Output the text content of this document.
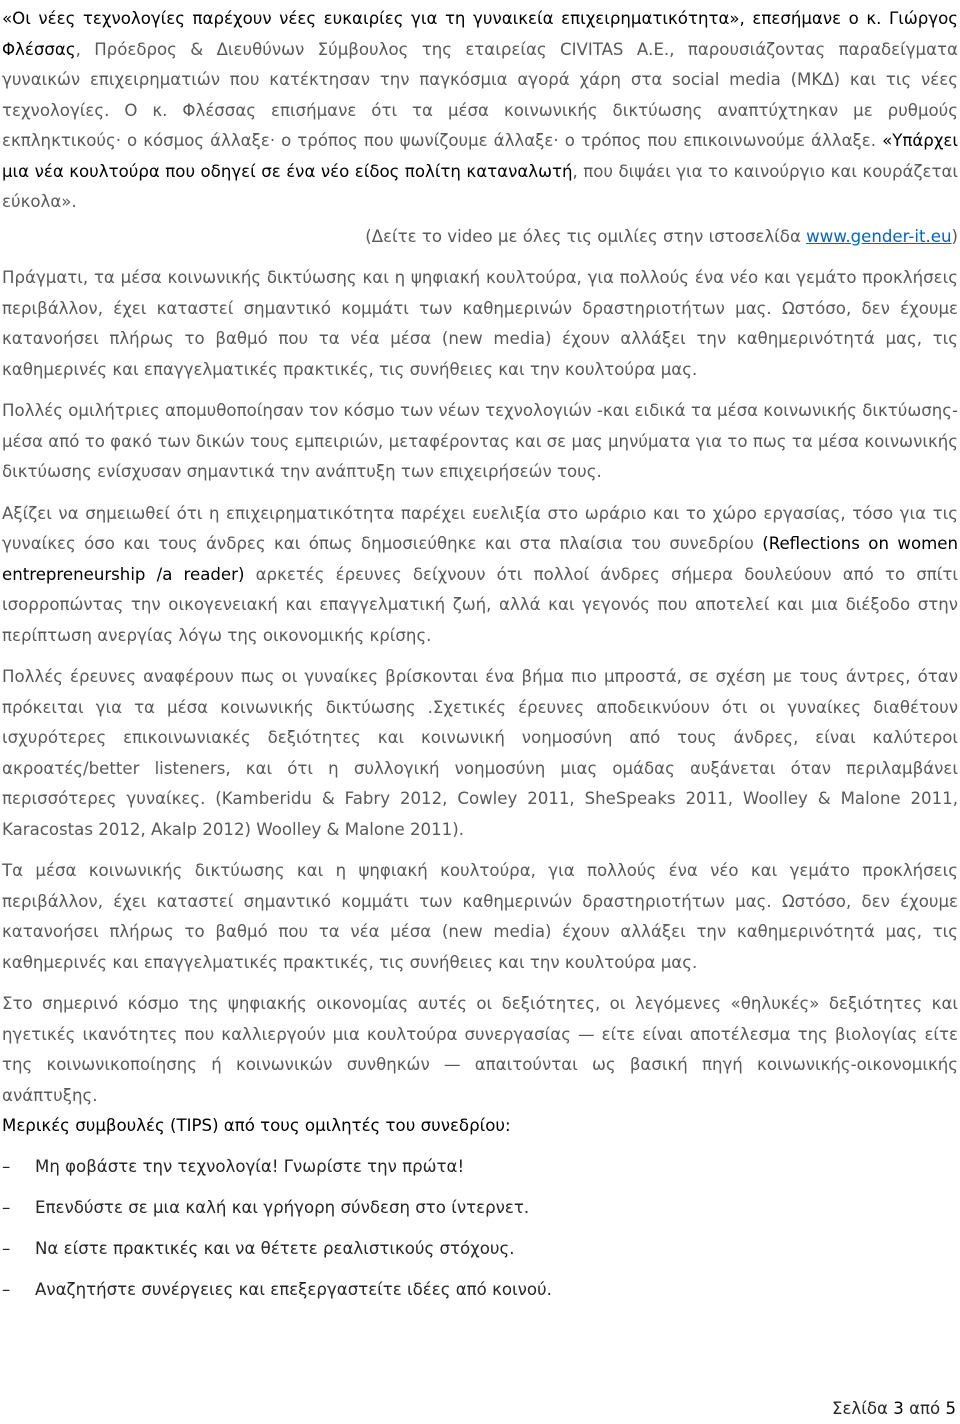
«Οι νέες τεχνολογίες παρέχουν νέες ευκαιρίες για τη γυναικεία επιχειρηματικότητα», επεσήμανε ο κ. Γιώργος Φλέσσας, Πρόεδρος & Διευθύνων Σύμβουλος της εταιρείας CIVITAS Α.Ε., παρουσιάζοντας παραδείγματα γυναικών επιχειρηματιών που κατέκτησαν την παγκόσμια αγορά χάρη στα social media (ΜΚΔ) και τις νέες τεχνολογίες. Ο κ. Φλέσσας επισήμανε ότι τα μέσα κοινωνικής δικτύωσης αναπτύχτηκαν με ρυθμούς εκπληκτικούς· ο κόσμος άλλαξε· ο τρόπος που ψωνίζουμε άλλαξε· ο τρόπος που επικοινωνούμε άλλαξε. «Υπάρχει μια νέα κουλτούρα που οδηγεί σε ένα νέο είδος πολίτη καταναλωτή, που διψάει για το καινούργιο και κουράζεται εύκολα».

(Δείτε το video με όλες τις ομιλίες στην ιστοσελίδα www.gender-it.eu)

Πράγματι, τα μέσα κοινωνικής δικτύωσης και η ψηφιακή κουλτούρα, για πολλούς ένα νέο και γεμάτο προκλήσεις περιβάλλον, έχει καταστεί σημαντικό κομμάτι των καθημερινών δραστηριοτήτων μας. Ωστόσο, δεν έχουμε κατανοήσει πλήρως το βαθμό που τα νέα μέσα (new media) έχουν αλλάξει την καθημερινότητά μας, τις καθημερινές και επαγγελματικές πρακτικές, τις συνήθειες και την κουλτούρα μας.

Πολλές ομιλήτριες απομυθοποίησαν τον κόσμο των νέων τεχνολογιών -και ειδικά τα μέσα κοινωνικής δικτύωσης- μέσα από το φακό των δικών τους εμπειριών, μεταφέροντας και σε μας μηνύματα για το πως τα μέσα κοινωνικής δικτύωσης ενίσχυσαν σημαντικά την ανάπτυξη των επιχειρήσεών τους.

Αξίζει να σημειωθεί ότι η επιχειρηματικότητα παρέχει ευελιξία στο ωράριο και το χώρο εργασίας, τόσο για τις γυναίκες όσο και τους άνδρες και όπως δημοσιεύθηκε και στα πλαίσια του συνεδρίου (Reflections on women entrepreneurship /a reader) αρκετές έρευνες δείχνουν ότι πολλοί άνδρες σήμερα δουλεύουν από το σπίτι ισορροπώντας την οικογενειακή και επαγγελματική ζωή, αλλά και γεγονός που αποτελεί και μια διέξοδο στην περίπτωση ανεργίας λόγω της οικονομικής κρίσης.

Πολλές έρευνες αναφέρουν πως οι γυναίκες βρίσκονται ένα βήμα πιο μπροστά, σε σχέση με τους άντρες, όταν πρόκειται για τα μέσα κοινωνικής δικτύωσης .Σχετικές έρευνες αποδεικνύουν ότι οι γυναίκες διαθέτουν ισχυρότερες επικοινωνιακές δεξιότητες και κοινωνική νοημοσύνη από τους άνδρες, είναι καλύτεροι ακροατές/better listeners, και ότι η συλλογική νοημοσύνη μιας ομάδας αυξάνεται όταν περιλαμβάνει περισσότερες γυναίκες. (Kamberidu & Fabry 2012, Cowley 2011, SheSpeaks 2011, Woolley & Malone 2011, Karacostas 2012, Akalp 2012) Woolley & Malone 2011).

Τα μέσα κοινωνικής δικτύωσης και η ψηφιακή κουλτούρα, για πολλούς ένα νέο και γεμάτο προκλήσεις περιβάλλον, έχει καταστεί σημαντικό κομμάτι των καθημερινών δραστηριοτήτων μας. Ωστόσο, δεν έχουμε κατανοήσει πλήρως το βαθμό που τα νέα μέσα (new media) έχουν αλλάξει την καθημερινότητά μας, τις καθημερινές και επαγγελματικές πρακτικές, τις συνήθειες και την κουλτούρα μας.

Στο σημερινό κόσμο της ψηφιακής οικονομίας αυτές οι δεξιότητες, οι λεγόμενες «θηλυκές» δεξιότητες και ηγετικές ικανότητες που καλλιεργούν μια κουλτούρα συνεργασίας — είτε είναι αποτέλεσμα της βιολογίας είτε της κοινωνικοποίησης ή κοινωνικών συνθηκών — απαιτούνται ως βασική πηγή κοινωνικής-οικονομικής ανάπτυξης.

Μερικές συμβουλές (TIPS) από τους ομιλητές του συνεδρίου:

– Μη φοβάστε την τεχνολογία! Γνωρίστε την πρώτα!
– Επενδύστε σε μια καλή και γρήγορη σύνδεση στο ίντερνετ.
– Να είστε πρακτικές και να θέτετε ρεαλιστικούς στόχους.
– Αναζητήστε συνέργειες και επεξεργαστείτε ιδέες από κοινού.
Σελίδα 3 από 5
